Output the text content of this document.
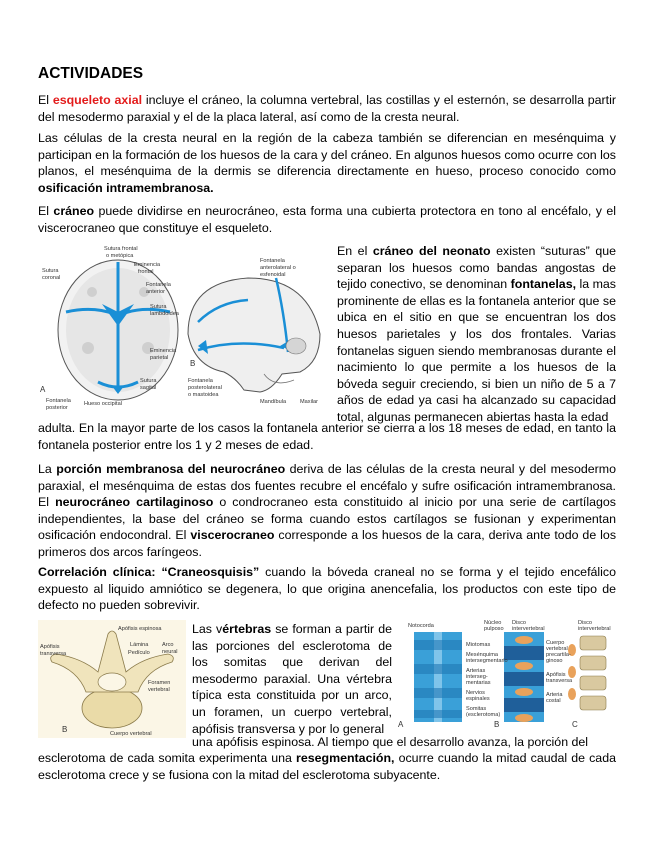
ACTIVIDADES

El esqueleto axial incluye el cráneo, la columna vertebral, las costillas y el esternón, se desarrolla partir del mesodermo paraxial y el de la placa lateral, así como de la cresta neural.

Las células de la cresta neural en la región de la cabeza también se diferencian en mesénquima y participan en la formación de los huesos de la cara y del cráneo. En algunos huesos como ocurre con los planos, el mesénquima de la dermis se diferencia directamente en hueso, proceso conocido como osificación intramembranosa.

El cráneo puede dividirse en neurocráneo, esta forma una cubierta protectora en tono al encéfalo, y el viscerocraneo que constituye el esqueleto.

Sutura frontal
o metópica
Eminencia
frontal
Sutura
coronal
Fontanela
anterior
Sutura
lambdoidea
Eminencia
parietal
Sutura
sagital
Fontanela
posterior
Hueso occipital
A
Fontanela
anterolateral o
esfenoidal
Fontanela
posterolateral
o mastoidea
Mandíbula Maxilar
B

En el cráneo del neonato existen “suturas” que separan los huesos como bandas angostas de tejido conectivo, se denominan fontanelas, la mas prominente de ellas es la fontanela anterior que se ubica en el sitio en que se encuentran los dos huesos parietales y los dos frontales. Varias fontanelas siguen siendo membranosas durante el nacimiento lo que permite a los huesos de la bóveda seguir creciendo, si bien un niño de 5 a 7 años de edad ya casi ha alcanzado su capacidad total, algunas permanecen abiertas hasta la edad

adulta. En la mayor parte de los casos la fontanela anterior se cierra a los 18 meses de edad, en tanto la fontanela posterior entre los 1 y 2 meses de edad.

La porción membranosa del neurocráneo deriva de las células de la cresta neural y del mesodermo paraxial, el mesénquima de estas dos fuentes recubre el encéfalo y sufre osificación intramembranosa. El neurocráneo cartilaginoso o condrocraneo esta constituido al inicio por una serie de cartílagos independientes, la base del cráneo se forma cuando estos cartílagos se fusionan y experimentan osificación endocondral. El viscerocraneo corresponde a los huesos de la cara, deriva ante todo de los primeros dos arcos faríngeos.

Correlación clínica: “Craneosquisis” cuando la bóveda craneal no se forma y el tejido encefálico expuesto al liquido amniótico se degenera, lo que origina anencefalia, los productos con este tipo de defecto no pueden sobrevivir.

Apófisis espinosa
Apófisis
transversa
Lámina
Pedículo
Arco
neural
Foramen
vertebral
Cuerpo vertebral
B

Las vértebras se forman a partir de las porciones del esclerotoma de los somitas que derivan del mesodermo paraxial. Una vértebra típica esta constituida por un arco, un foramen, un cuerpo vertebral, apófisis transversa y por lo general

Notocorda	Núcleo
pulposo
Disco
intervertebral
Disco
intervertebral
Miotomas
Mesénquima
intersegmentario
Arterias
interseg-
mentarias
Nervios
espinales
Somitas
(esclerotoma)
Cuerpo
vertebral
precartila-
ginoso
Apófisis
transversa
Arteria
costal
A	B	C

una apófisis espinosa. Al tiempo que el desarrollo avanza, la porción del

esclerotoma de cada somita experimenta una resegmentación, ocurre cuando la mitad caudal de cada esclerotoma crece y se fusiona con la mitad del esclerotoma subyacente.
